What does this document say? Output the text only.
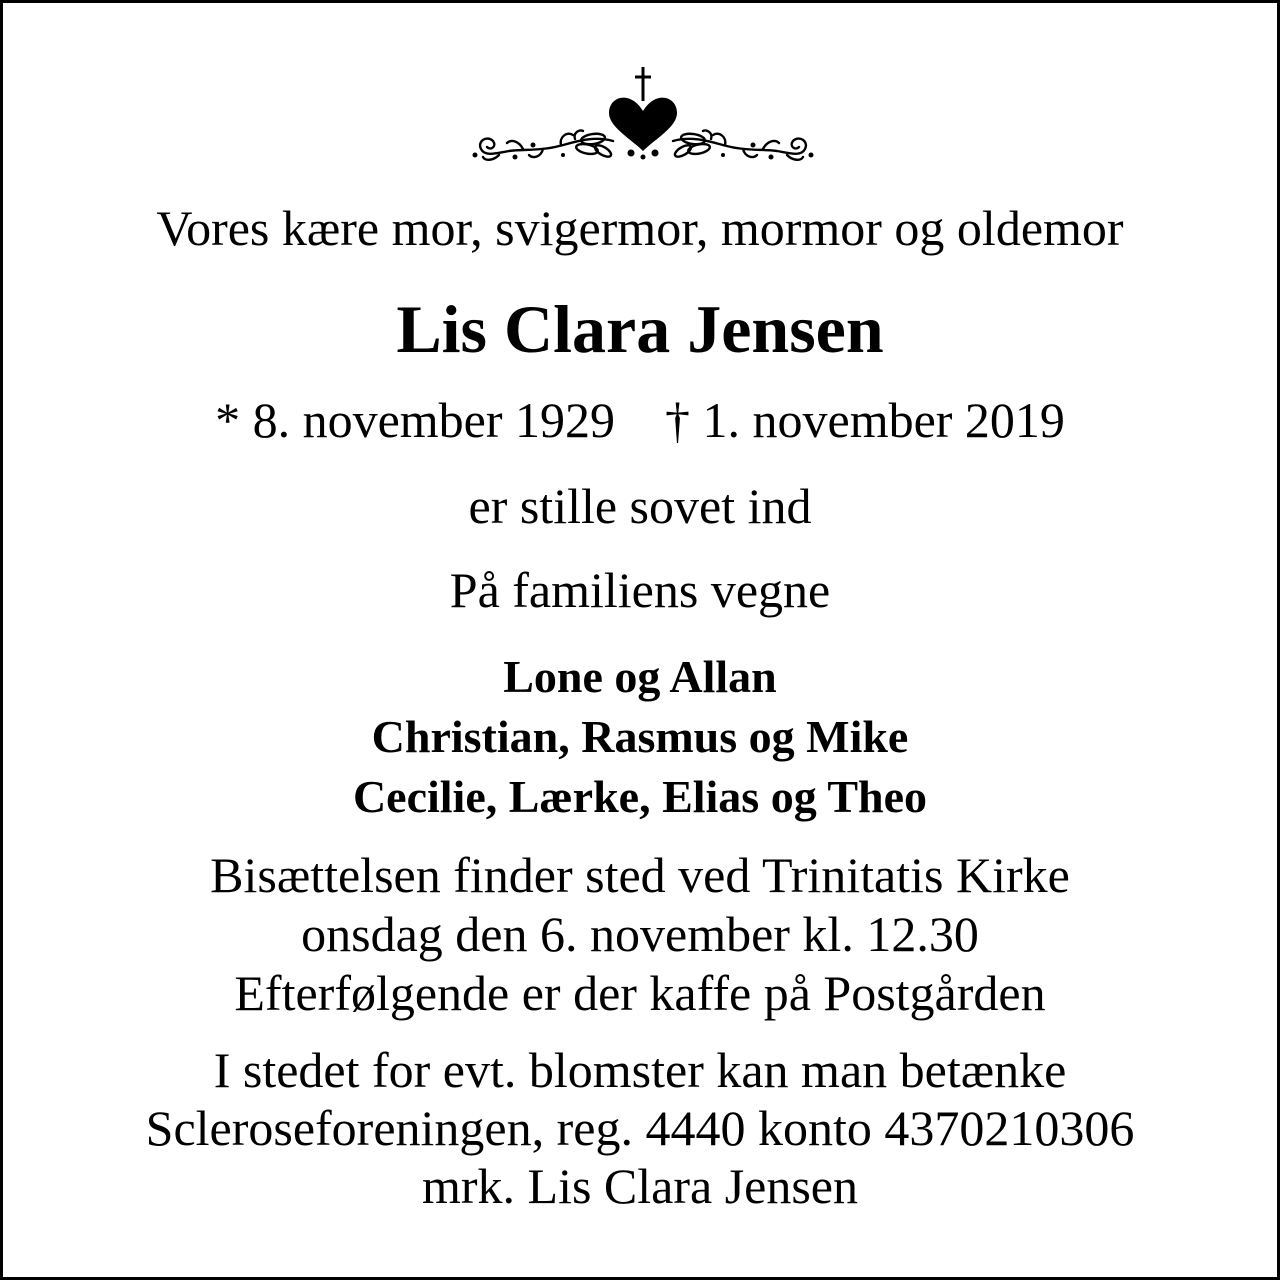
Vores kære mor, svigermor, mormor og oldemor
Lis Clara Jensen
* 8. november 1929 † 1. november 2019
er stille sovet ind
På familiens vegne
Lone og Allan
Christian, Rasmus og Mike
Cecilie, Lærke, Elias og Theo
Bisættelsen finder sted ved Trinitatis Kirke
onsdag den 6. november kl. 12.30
Efterfølgende er der kaffe på Postgården
I stedet for evt. blomster kan man betænke
Scleroseforeningen, reg. 4440 konto 4370210306
mrk. Lis Clara Jensen
